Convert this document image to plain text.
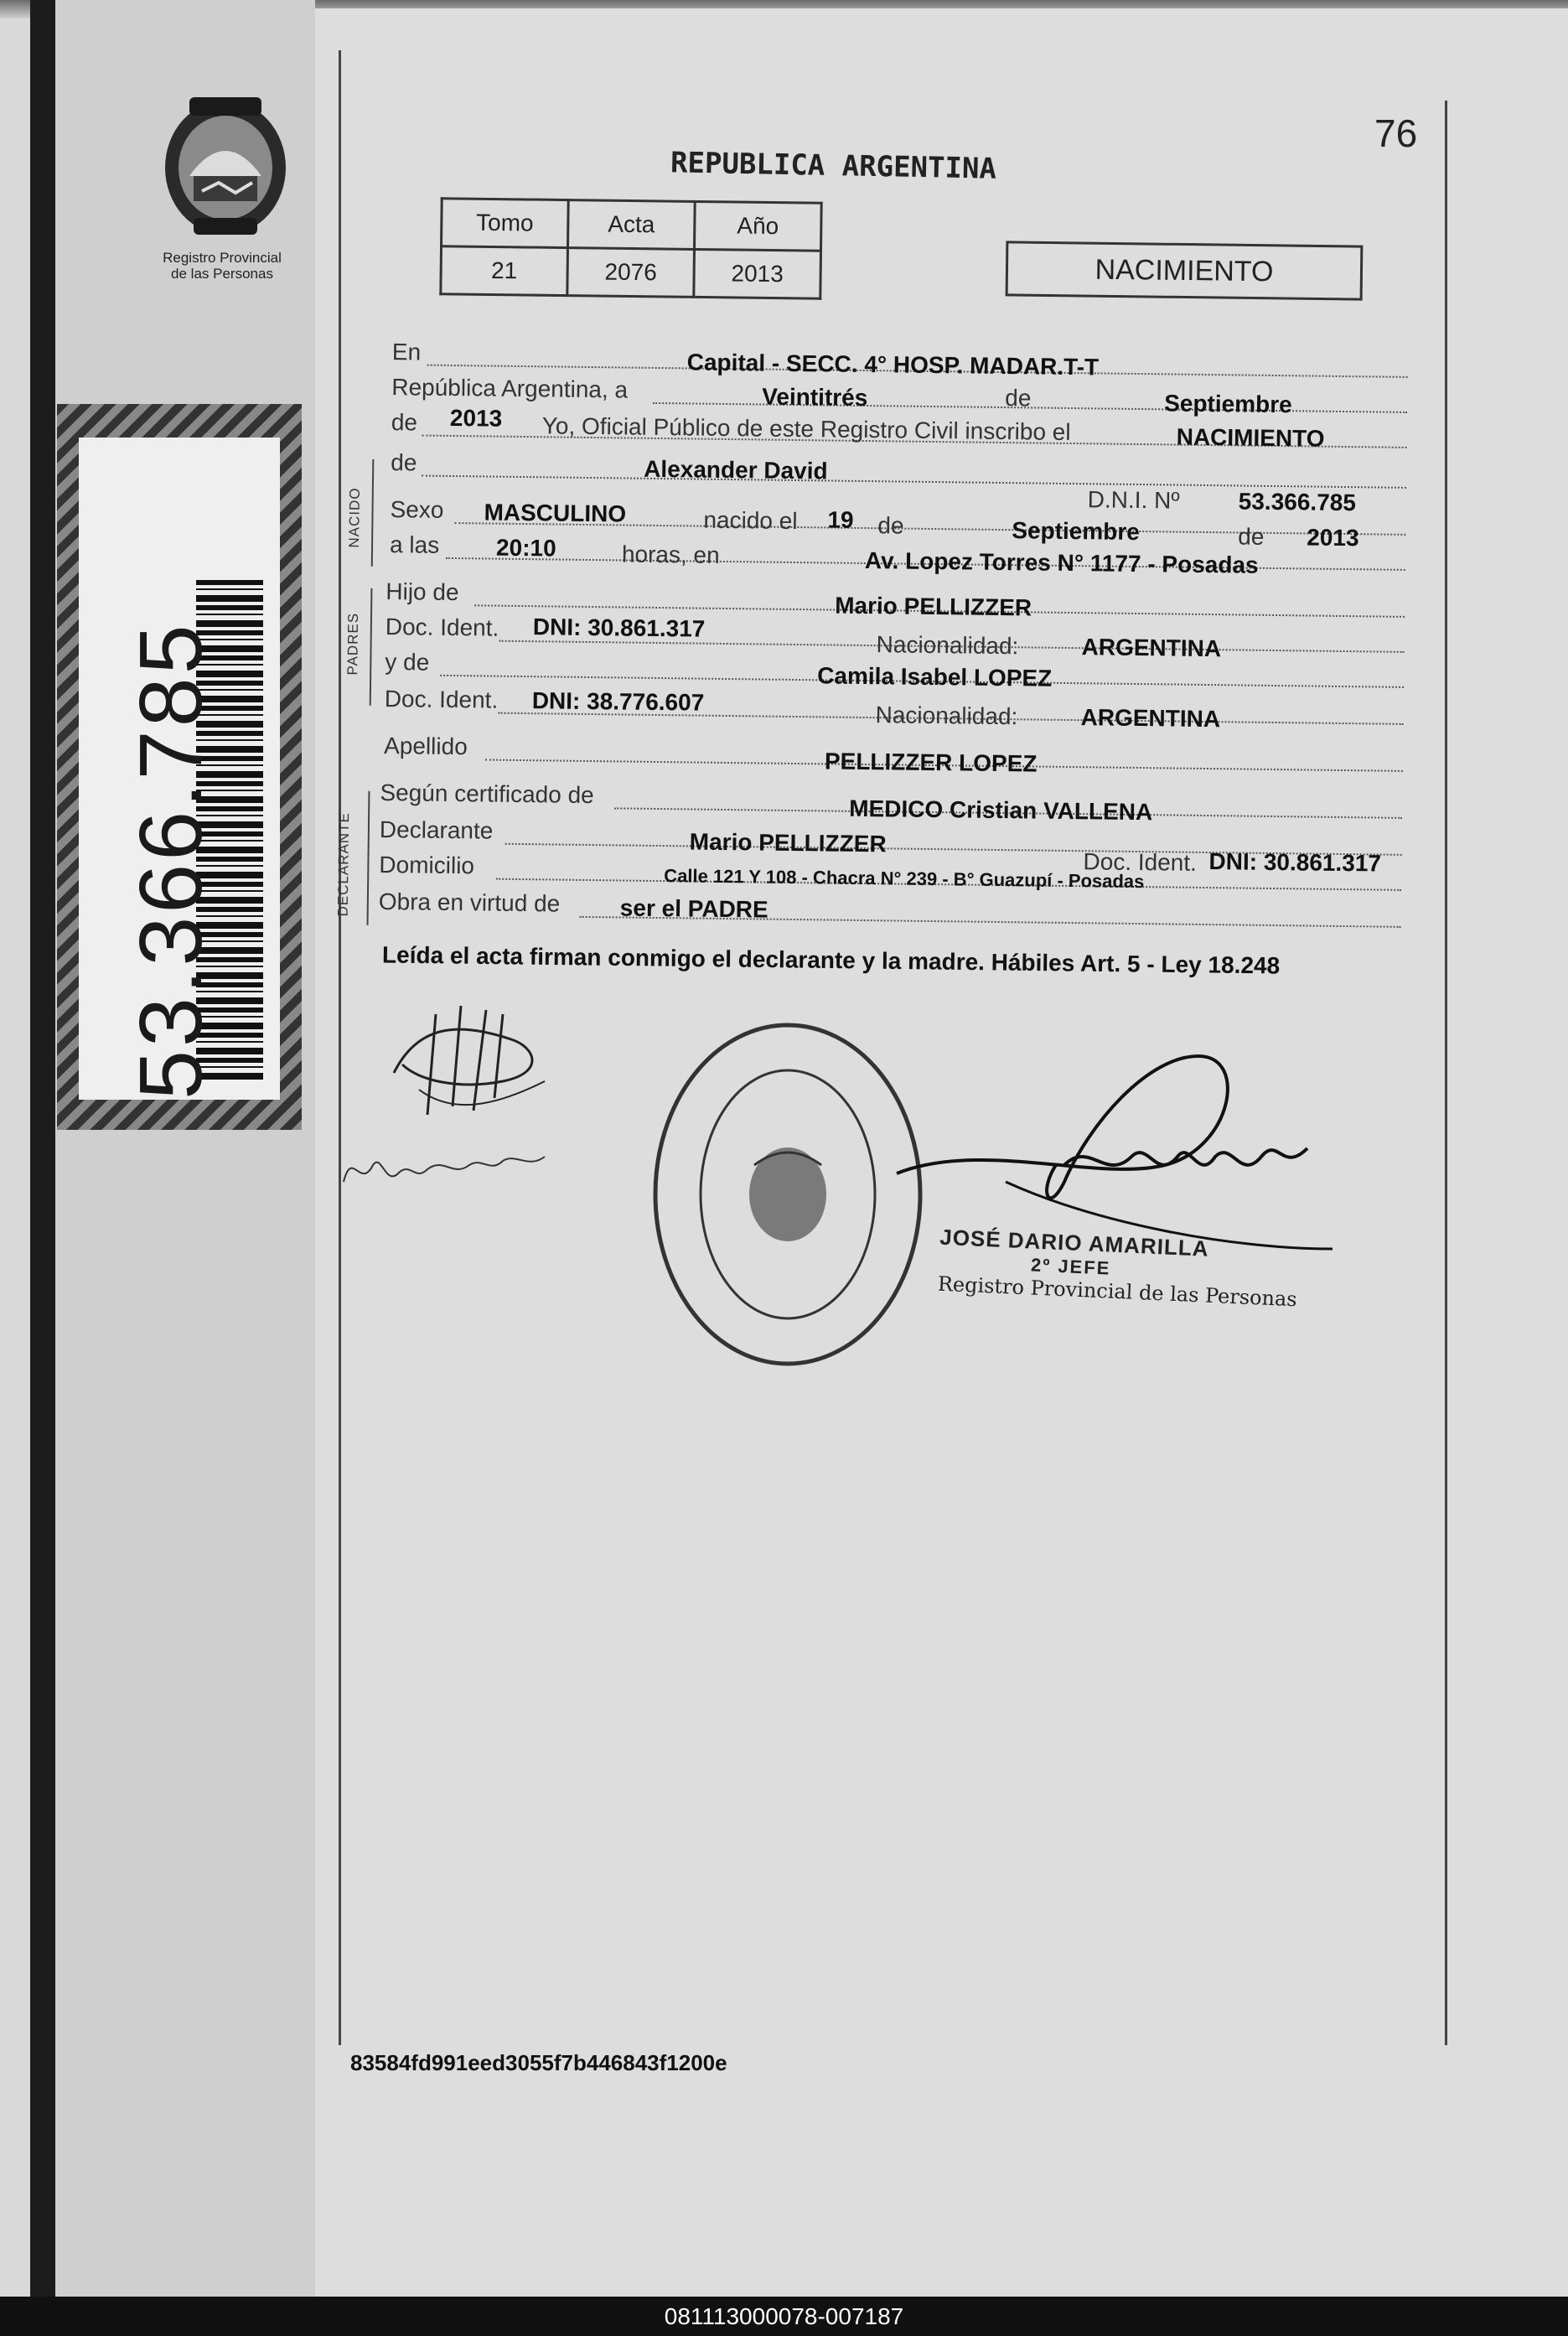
Registro Provincial
de las Personas
53.366.785
76
REPUBLICA ARGENTINA
Tomo	Acta	Año
21	2076	2013	NACIMIENTO
NACIDO
PADRES
DECLARANTE
En	Capital - SECC. 4° HOSP. MADAR.T-T
República Argentina, a	Veintitrés	de	Septiembre
de 2013 Yo, Oficial Público de este Registro Civil inscribo el	NACIMIENTO
de	Alexander David
D.N.I. Nº 53.366.785
Sexo MASCULINO	nacido el 19 de	Septiembre	de 2013
a las 20:10	horas, en	Av. Lopez Torres N° 1177 - Posadas
Hijo de
Mario PELLIZZER
Doc. Ident. DNI: 30.861.317
Nacionalidad:	ARGENTINA
y de
Camila Isabel LOPEZ
Doc. Ident. DNI: 38.776.607
Nacionalidad:	ARGENTINA
Apellido
PELLIZZER LOPEZ
Según certificado de
MEDICO Cristian VALLENA
Declarante	Mario PELLIZZER
Doc. Ident. DNI: 30.861.317
Domicilio	Calle 121 Y 108 - Chacra N° 239 - B° Guazupí - Posadas
Obra en virtud de	ser el PADRE
Leída el acta firman conmigo el declarante y la madre. Hábiles Art. 5 - Ley 18.248
JOSÉ DARIO AMARILLA
2º JEFE
Registro Provincial de las Personas
83584fd991eed3055f7b446843f1200e
081113000078-007187
